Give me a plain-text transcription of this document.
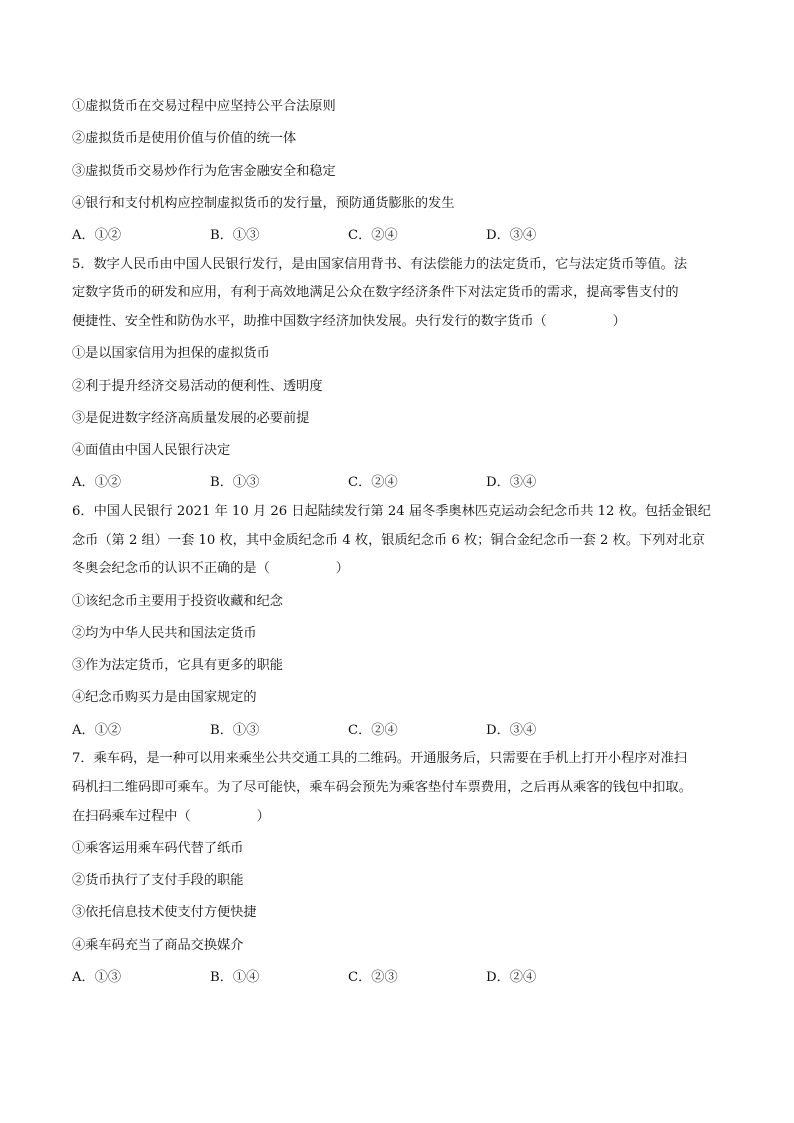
①虚拟货币在交易过程中应坚持公平合法原则
②虚拟货币是使用价值与价值的统一体
③虚拟货币交易炒作行为危害金融安全和稳定
④银行和支付机构应控制虚拟货币的发行量，预防通货膨胀的发生
A．①②	B．①③	C．②④	D．③④
5．数字人民币由中国人民银行发行，是由国家信用背书、有法偿能力的法定货币，它与法定货币等值。法
定数字货币的研发和应用，有利于高效地满足公众在数字经济条件下对法定货币的需求，提高零售支付的
便捷性、安全性和防伪水平，助推中国数字经济加快发展。央行发行的数字货币（　　　　　）
①是以国家信用为担保的虚拟货币
②利于提升经济交易活动的便利性、透明度
③是促进数字经济高质量发展的必要前提
④面值由中国人民银行决定
A．①②	B．①③	C．②④	D．③④
6．中国人民银行 2021 年 10 月 26 日起陆续发行第 24 届冬季奥林匹克运动会纪念币共 12 枚。包括金银纪
念币（第 2 组）一套 10 枚，其中金质纪念币 4 枚，银质纪念币 6 枚；铜合金纪念币一套 2 枚。下列对北京
冬奥会纪念币的认识不正确的是（　　　　　）
①该纪念币主要用于投资收藏和纪念
②均为中华人民共和国法定货币
③作为法定货币，它具有更多的职能
④纪念币购买力是由国家规定的
A．①②	B．①③	C．②④	D．③④
7．乘车码，是一种可以用来乘坐公共交通工具的二维码。开通服务后，只需要在手机上打开小程序对准扫
码机扫二维码即可乘车。为了尽可能快，乘车码会预先为乘客垫付车票费用，之后再从乘客的钱包中扣取。
在扫码乘车过程中（　　　　　）
①乘客运用乘车码代替了纸币
②货币执行了支付手段的职能
③依托信息技术使支付方便快捷
④乘车码充当了商品交换媒介
A．①③	B．①④	C．②③	D．②④
